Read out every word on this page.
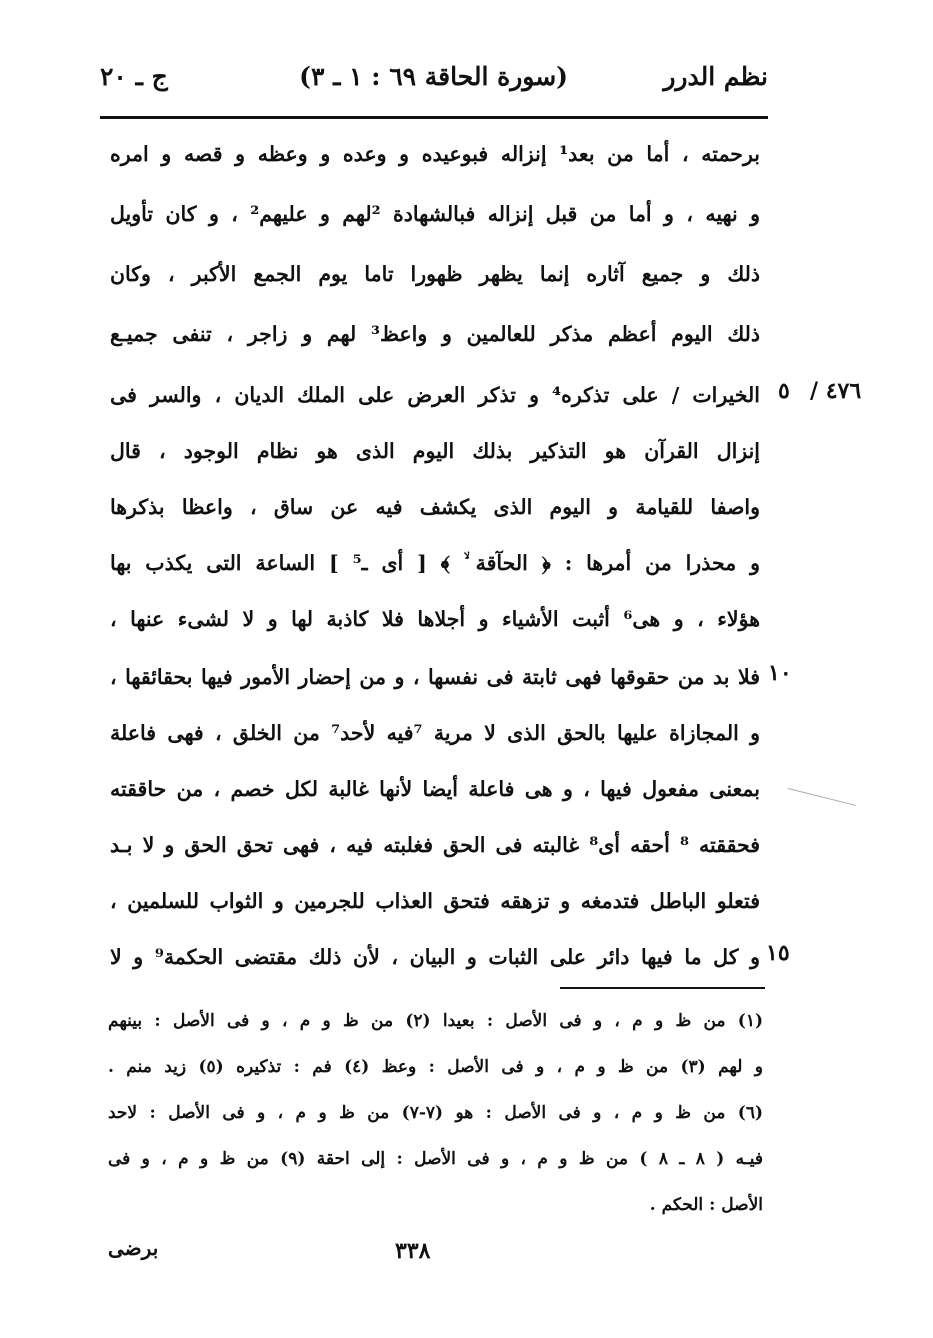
نظم الدرر
(سورة الحاقة ٦٩ : ١ ـ ٣)
ج ـ ٢٠
برحمته ، أما من بعد¹ إنزاله فبوعيده و وعده و وعظه و قصه و امره
و نهيه ، و أما من قبل إنزاله فبالشهادة ²لهم و عليهم² ، و كان تأويل
ذلك و جميع آثاره إنما يظهر ظهورا تاما يوم الجمع الأكبر ، وكان
ذلك اليوم أعظم مذكر للعالمين و واعظ³ لهم و زاجر ، تنفى جميـع
الخيرات / على تذكره⁴ و تذكر العرض على الملك الديان ، والسر فى
إنزال القرآن هو التذكير بذلك اليوم الذى هو نظام الوجود ، قال
واصفا للقيامة و اليوم الذى يكشف فيه عن ساق ، واعظا بذكرها
و محذرا من أمرها : ﴿ الحآقة ۙ ﴾ [ أى ـ⁵ ] الساعة التى يكذب بها
هؤلاء ، و هى⁶ أثبت الأشياء و أجلاها فلا كاذبة لها و لا لشىء عنها ،
فلا بد من حقوقها فهى ثابتة فى نفسها ، و من إحضار الأمور فيها بحقائقها ،
و المجازاة عليها بالحق الذى لا مرية ⁷فيه لأحد⁷ من الخلق ، فهى فاعلة
بمعنى مفعول فيها ، و هى فاعلة أيضا لأنها غالبة لكل خصم ، من حاققته
فحققته ⁸ أحقه أى⁸ غالبته فى الحق فغلبته فيه ، فهى تحق الحق و لا بـد
فتعلو الباطل فتدمغه و تزهقه فتحق العذاب للجرمين و الثواب للسلمين ،
و كل ما فيها دائر على الثبات و البيان ، لأن ذلك مقتضى الحكمة⁹ و لا
٥ ٤٧٦ /
١٠
١٥
(١) من ظ و م ، و فى الأصل : بعيدا (٢) من ظ و م ، و فى الأصل : بينهم
و لهم (٣) من ظ و م ، و فى الأصل : وعظ (٤) فم : تذكيره (٥) زيد منم .
(٦) من ظ و م ، و فى الأصل : هو (٧-٧) من ظ و م ، و فى الأصل : لاحد
فيـه ( ٨ ـ ٨ ) من ظ و م ، و فى الأصل : إلى احقة (٩) من ظ و م ، و فى
الأصل : الحكم .
٣٣٨
برضى
